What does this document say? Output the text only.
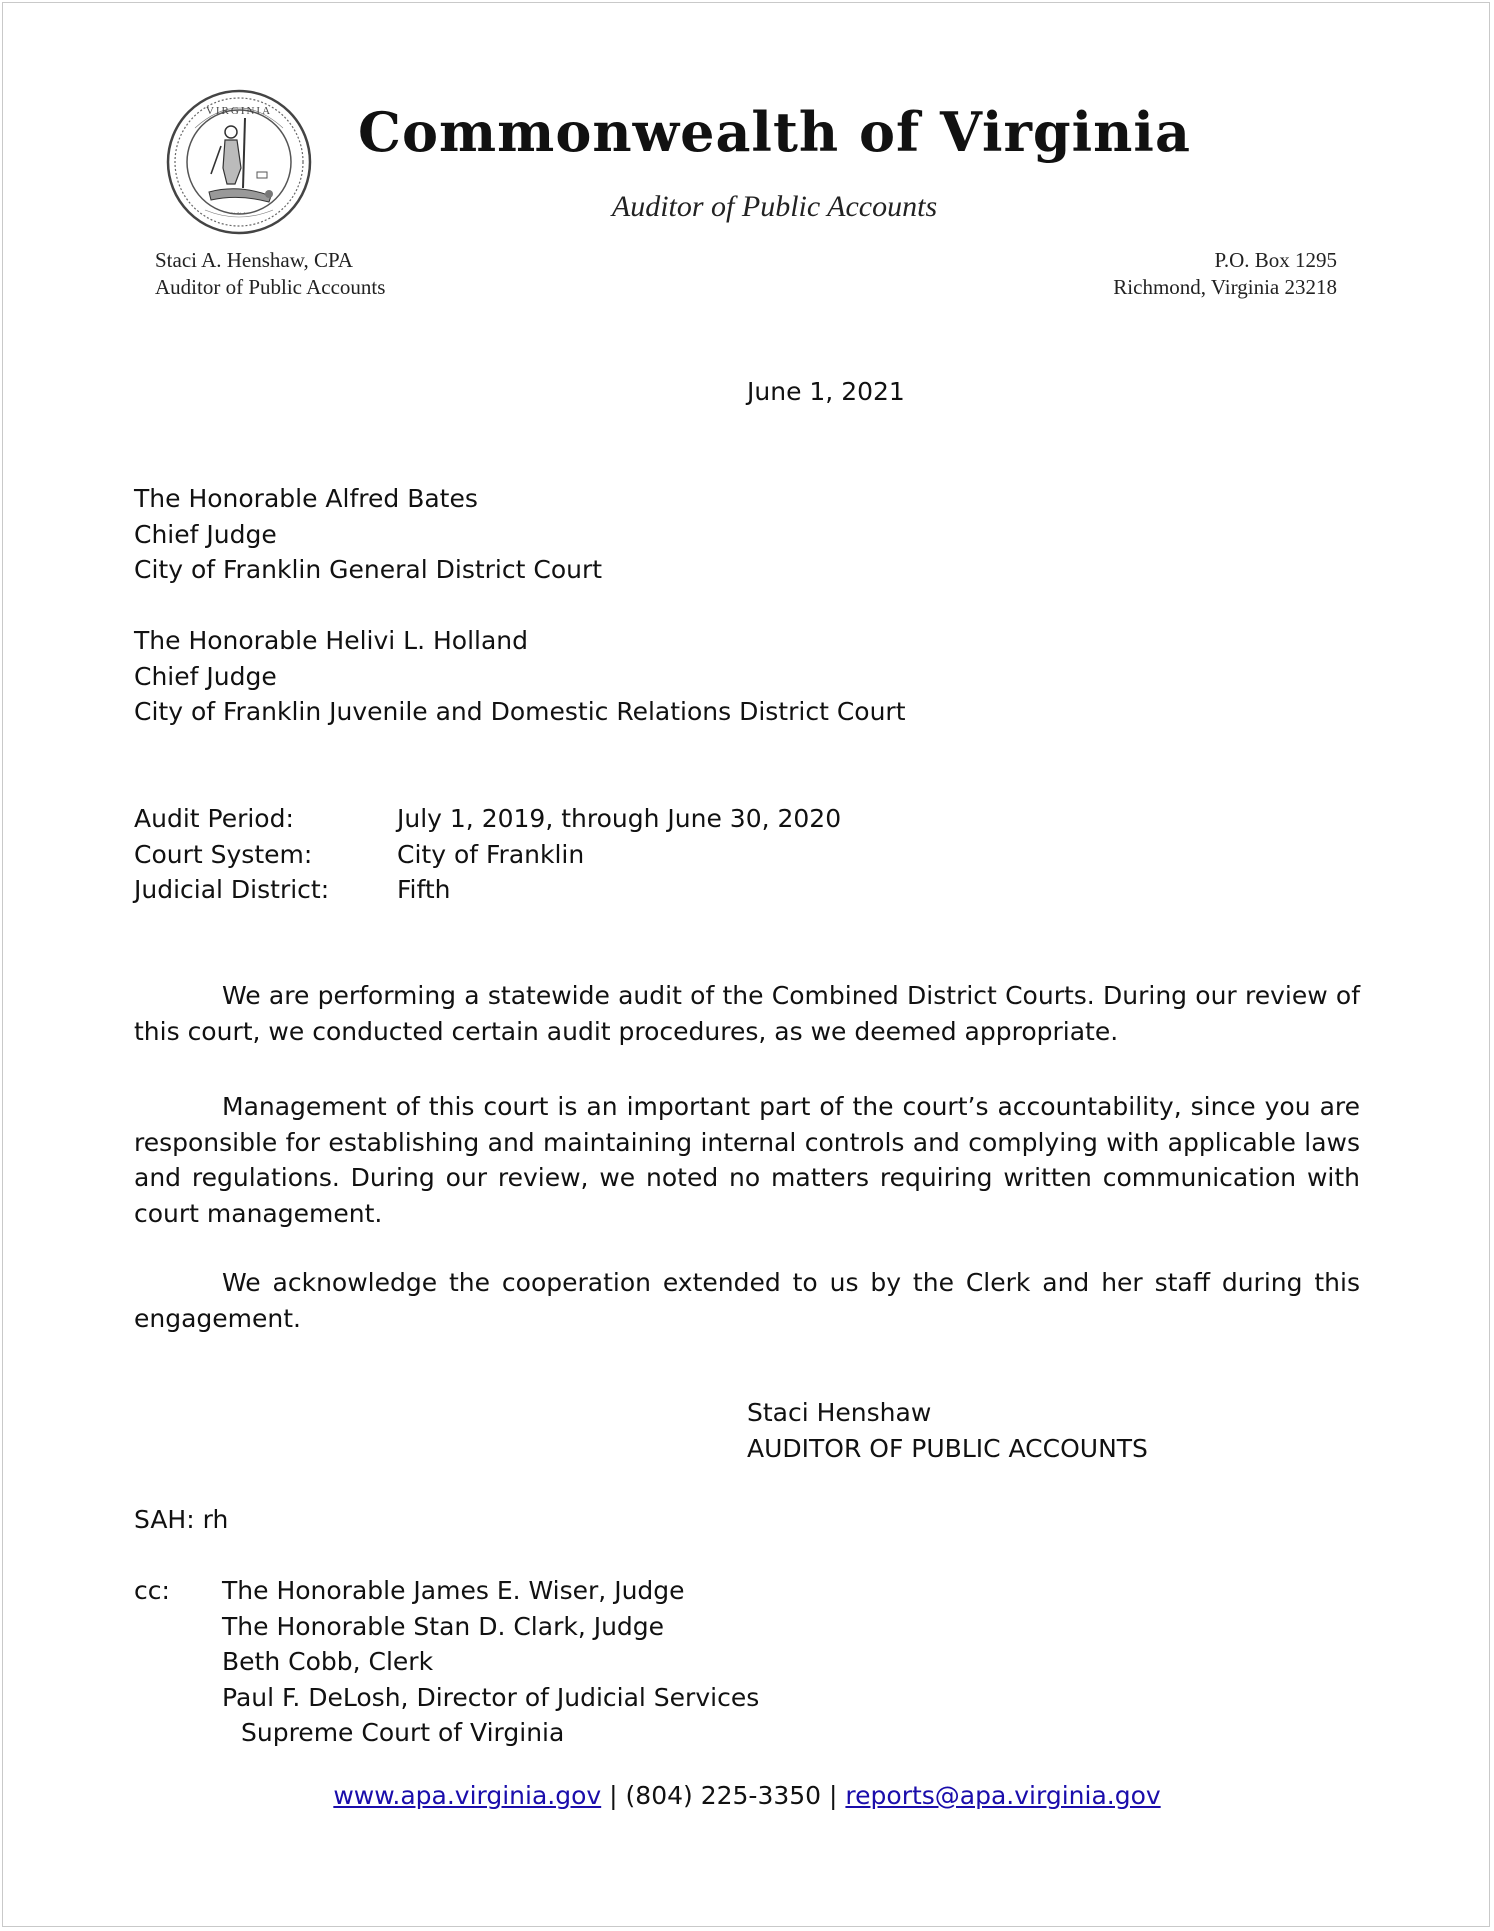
VIRGINIA
~ ~ ~
Commonwealth of Virginia
Auditor of Public Accounts
Staci A. Henshaw, CPA
Auditor of Public Accounts
P.O. Box 1295
Richmond, Virginia 23218
June 1, 2021
The Honorable Alfred Bates
Chief Judge
City of Franklin General District Court
The Honorable Helivi L. Holland
Chief Judge
City of Franklin Juvenile and Domestic Relations District Court
Audit Period:	July 1, 2019, through June 30, 2020
Court System:	City of Franklin
Judicial District:	Fifth
We are performing a statewide audit of the Combined District Courts. During our review of this court, we conducted certain audit procedures, as we deemed appropriate.
Management of this court is an important part of the court’s accountability, since you are responsible for establishing and maintaining internal controls and complying with applicable laws and regulations. During our review, we noted no matters requiring written communication with court management.
We acknowledge the cooperation extended to us by the Clerk and her staff during this engagement.
Staci Henshaw
AUDITOR OF PUBLIC ACCOUNTS
SAH: rh
cc:	The Honorable James E. Wiser, Judge
The Honorable Stan D. Clark, Judge
Beth Cobb, Clerk
Paul F. DeLosh, Director of Judicial Services
Supreme Court of Virginia
www.apa.virginia.gov | (804) 225-3350 | reports@apa.virginia.gov
